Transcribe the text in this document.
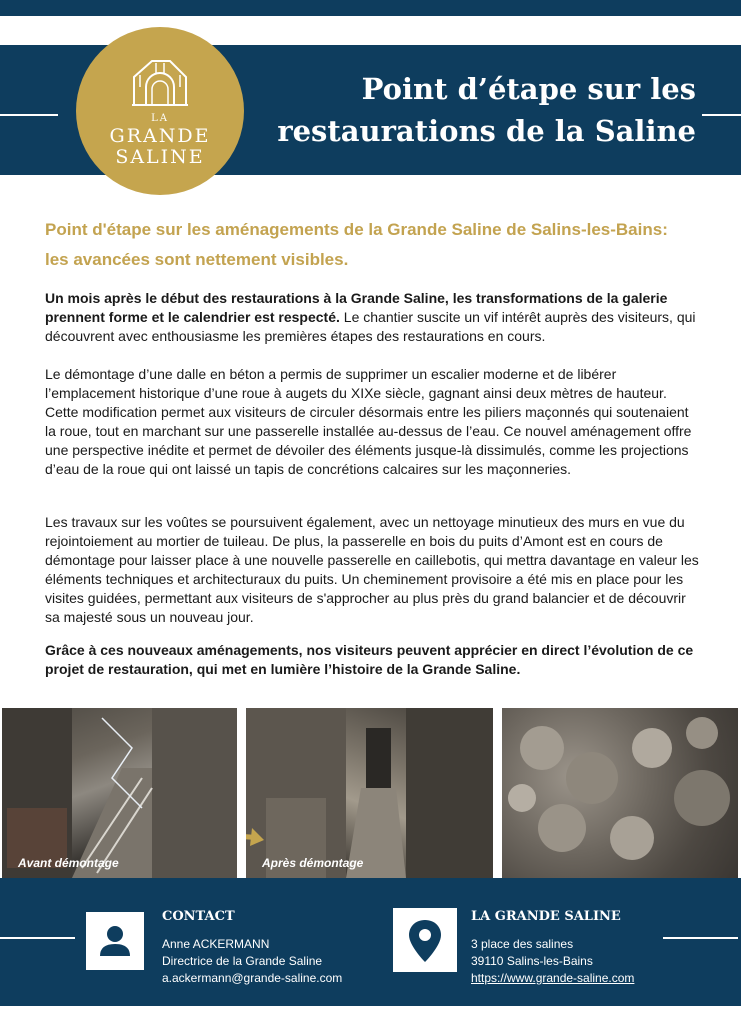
LA
GRANDE
SALINE
Point d’étape sur les
restaurations de la Saline
Point d'étape sur les aménagements de la Grande Saline de Salins-les-Bains: les avancées sont nettement visibles.
Un mois après le début des restaurations à la Grande Saline, les transformations de la galerie prennent forme et le calendrier est respecté. Le chantier suscite un vif intérêt auprès des visiteurs, qui découvrent avec enthousiasme les premières étapes des restaurations en cours.
Le démontage d’une dalle en béton a permis de supprimer un escalier moderne et de libérer l’emplacement historique d’une roue à augets du XIXe siècle, gagnant ainsi deux mètres de hauteur. Cette modification permet aux visiteurs de circuler désormais entre les piliers maçonnés qui soutenaient la roue, tout en marchant sur une passerelle installée au-dessus de l’eau. Ce nouvel aménagement offre une perspective inédite et permet de dévoiler des éléments jusque-là dissimulés, comme les projections d’eau de la roue qui ont laissé un tapis de concrétions calcaires sur les maçonneries.
Les travaux sur les voûtes se poursuivent également, avec un nettoyage minutieux des murs en vue du rejointoiement au mortier de tuileau. De plus, la passerelle en bois du puits d’Amont est en cours de démontage pour laisser place à une nouvelle passerelle en caillebotis, qui mettra davantage en valeur les éléments techniques et architecturaux du puits. Un cheminement provisoire a été mis en place pour les visites guidées, permettant aux visiteurs de s'approcher au plus près du grand balancier et de découvrir sa majesté sous un nouveau jour.
Grâce à ces nouveaux aménagements, nos visiteurs peuvent apprécier en direct l’évolution de ce projet de restauration, qui met en lumière l’histoire de la Grande Saline.
Avant démontage	Après démontage
CONTACT
Anne ACKERMANN
Directrice de la Grande Saline
a.ackermann@grande-saline.com
LA GRANDE SALINE
3 place des salines
39110 Salins-les-Bains
https://www.grande-saline.com
